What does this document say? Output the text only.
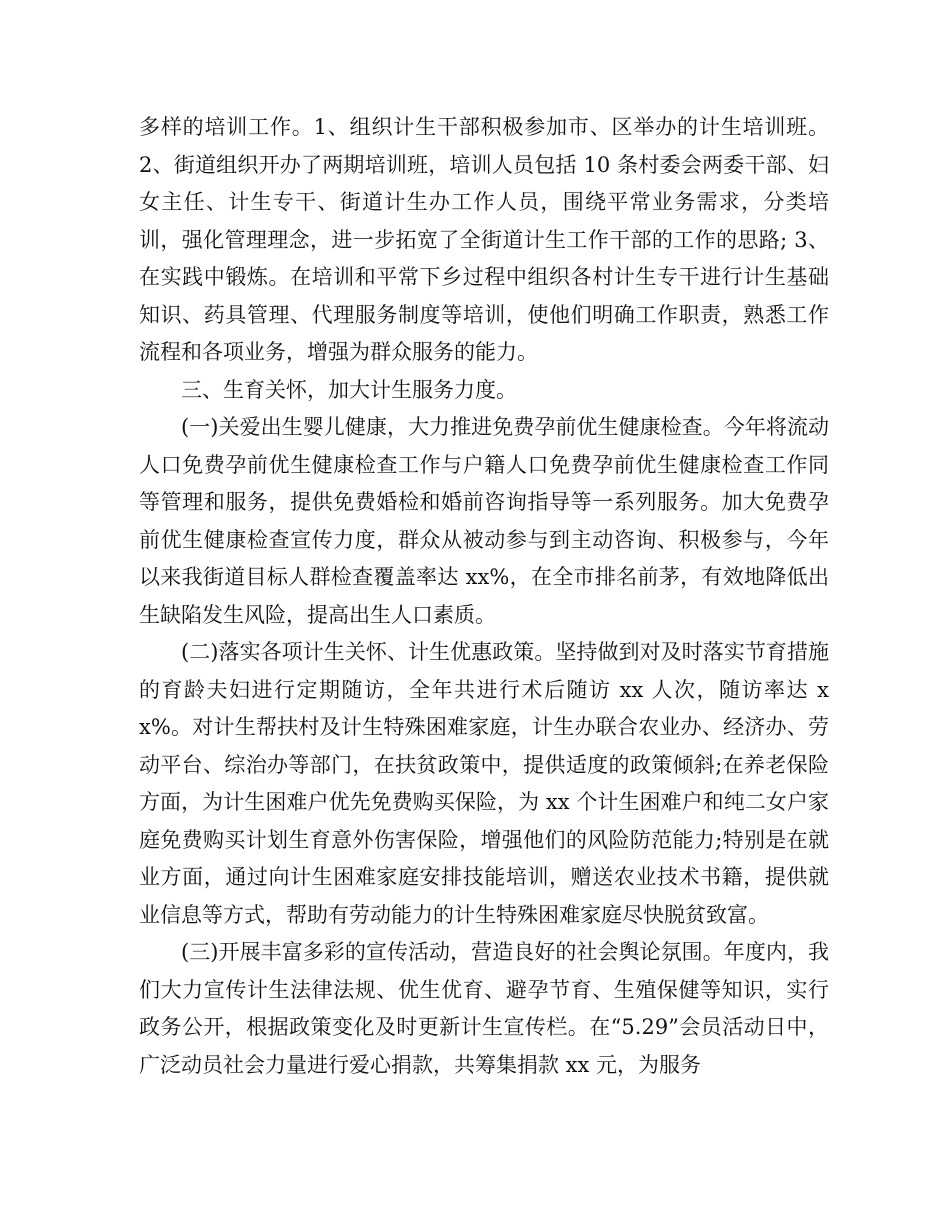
多样的培训工作。1、组织计生干部积极参加市、区举办的计生培训班。2、街道组织开办了两期培训班，培训人员包括 10 条村委会两委干部、妇女主任、计生专干、街道计生办工作人员，围绕平常业务需求，分类培训，强化管理理念，进一步拓宽了全街道计生工作干部的工作的思路; 3、在实践中锻炼。在培训和平常下乡过程中组织各村计生专干进行计生基础知识、药具管理、代理服务制度等培训，使他们明确工作职责，熟悉工作流程和各项业务，增强为群众服务的能力。

三、生育关怀，加大计生服务力度。

(一)关爱出生婴儿健康，大力推进免费孕前优生健康检查。今年将流动人口免费孕前优生健康检查工作与户籍人口免费孕前优生健康检查工作同等管理和服务，提供免费婚检和婚前咨询指导等一系列服务。加大免费孕前优生健康检查宣传力度，群众从被动参与到主动咨询、积极参与，今年以来我街道目标人群检查覆盖率达 xx%，在全市排名前茅，有效地降低出生缺陷发生风险，提高出生人口素质。

(二)落实各项计生关怀、计生优惠政策。坚持做到对及时落实节育措施的育龄夫妇进行定期随访，全年共进行术后随访 xx 人次，随访率达 xx%。对计生帮扶村及计生特殊困难家庭，计生办联合农业办、经济办、劳动平台、综治办等部门，在扶贫政策中，提供适度的政策倾斜;在养老保险方面，为计生困难户优先免费购买保险，为 xx 个计生困难户和纯二女户家庭免费购买计划生育意外伤害保险，增强他们的风险防范能力;特别是在就业方面，通过向计生困难家庭安排技能培训，赠送农业技术书籍，提供就业信息等方式，帮助有劳动能力的计生特殊困难家庭尽快脱贫致富。

(三)开展丰富多彩的宣传活动，营造良好的社会舆论氛围。年度内，我们大力宣传计生法律法规、优生优育、避孕节育、生殖保健等知识，实行政务公开，根据政策变化及时更新计生宣传栏。在“5.29”会员活动日中，广泛动员社会力量进行爱心捐款，共筹集捐款 xx 元，为服务
